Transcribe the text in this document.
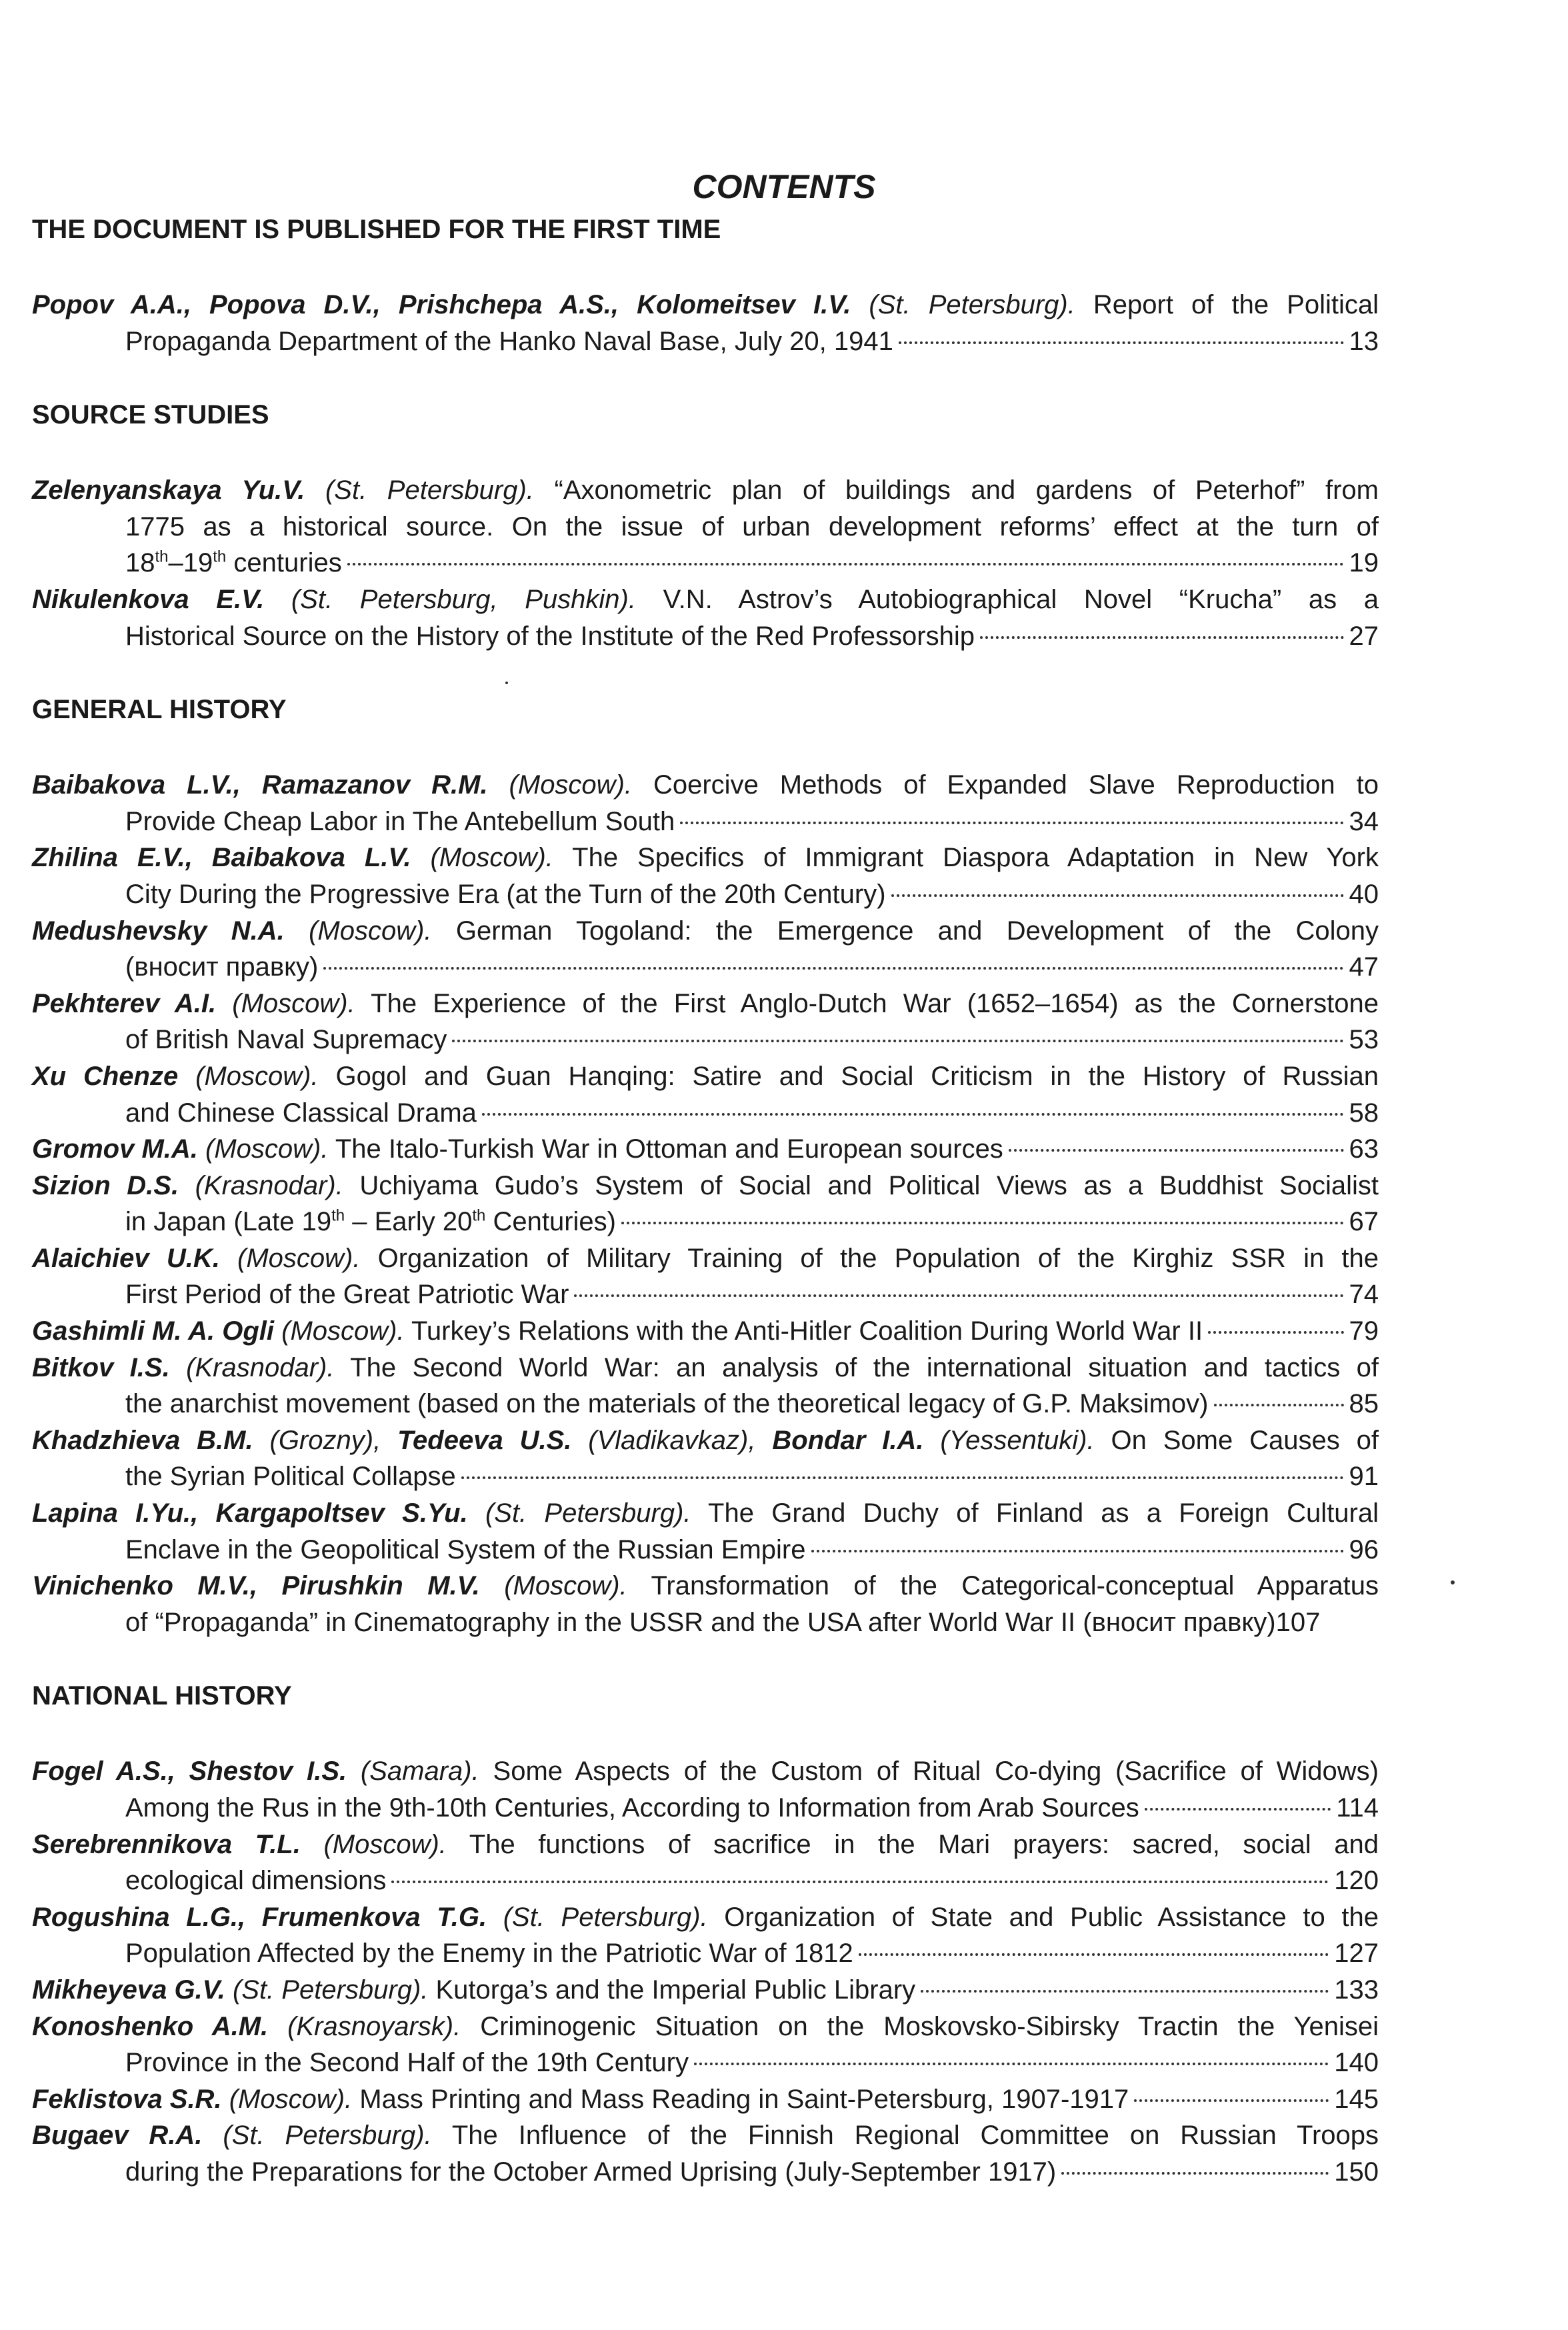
CONTENTS
THE DOCUMENT IS PUBLISHED FOR THE FIRST TIME

Popov A.A., Popova D.V., Prishchepa A.S., Kolomeitsev I.V. (St. Petersburg). Report of the Political

Propaganda Department of the Hanko Naval Base, July 20, 1941	13

SOURCE STUDIES

Zelenyanskaya Yu.V. (St. Petersburg). “Axonometric plan of buildings and gardens of Peterhof” from

1775 as a historical source. On the issue of urban development reforms’ effect at the turn of

18th–19th centuries	19

Nikulenkova E.V. (St. Petersburg, Pushkin). V.N. Astrov’s Autobiographical Novel “Krucha” as a

Historical Source on the History of the Institute of the Red Professorship	27

GENERAL HISTORY

Baibakova L.V., Ramazanov R.M. (Moscow). Coercive Methods of Expanded Slave Reproduction to

Provide Cheap Labor in The Antebellum South	34

Zhilina E.V., Baibakova L.V. (Moscow). The Specifics of Immigrant Diaspora Adaptation in New York

City During the Progressive Era (at the Turn of the 20th Century)	40

Medushevsky N.A. (Moscow). German Togoland: the Emergence and Development of the Colony

(вносит правку)	47

Pekhterev A.I. (Moscow). The Experience of the First Anglo-Dutch War (1652–1654) as the Cornerstone

of British Naval Supremacy	53

Xu Chenze (Moscow). Gogol and Guan Hanqing: Satire and Social Criticism in the History of Russian

and Chinese Classical Drama	58

Gromov M.A. (Moscow). The Italo-Turkish War in Ottoman and European sources	63

Sizion D.S. (Krasnodar). Uchiyama Gudo’s System of Social and Political Views as a Buddhist Socialist

in Japan (Late 19th – Early 20th Centuries)	67

Alaichiev U.K. (Moscow). Organization of Military Training of the Population of the Kirghiz SSR in the

First Period of the Great Patriotic War	74

Gashimli M. A. Ogli (Moscow). Turkey’s Relations with the Anti-Hitler Coalition During World War II	79

Bitkov I.S. (Krasnodar). The Second World War: an analysis of the international situation and tactics of

the anarchist movement (based on the materials of the theoretical legacy of G.P. Maksimov)	85

Khadzhieva B.M. (Grozny), Tedeeva U.S. (Vladikavkaz), Bondar I.A. (Yessentuki). On Some Causes of

the Syrian Political Collapse	91

Lapina I.Yu., Kargapoltsev S.Yu. (St. Petersburg). The Grand Duchy of Finland as a Foreign Cultural

Enclave in the Geopolitical System of the Russian Empire	96

Vinichenko M.V., Pirushkin M.V. (Moscow). Transformation of the Categorical-conceptual Apparatus

of “Propaganda” in Cinematography in the USSR and the USA after World War II (вносит правку) 107

NATIONAL HISTORY

Fogel A.S., Shestov I.S. (Samara). Some Aspects of the Custom of Ritual Co-dying (Sacrifice of Widows)

Among the Rus in the 9th-10th Centuries, According to Information from Arab Sources	114

Serebrennikova T.L. (Moscow). The functions of sacrifice in the Mari prayers: sacred, social and

ecological dimensions	120

Rogushina L.G., Frumenkova T.G. (St. Petersburg). Organization of State and Public Assistance to the

Population Affected by the Enemy in the Patriotic War of 1812	127

Mikheyeva G.V. (St. Petersburg). Kutorga’s and the Imperial Public Library	133

Konoshenko A.M. (Krasnoyarsk). Criminogenic Situation on the Moskovsko-Sibirsky Tractin the Yenisei

Province in the Second Half of the 19th Century	140

Feklistova S.R. (Moscow). Mass Printing and Mass Reading in Saint-Petersburg, 1907-1917	145

Bugaev R.A. (St. Petersburg). The Influence of the Finnish Regional Committee on Russian Troops

during the Preparations for the October Armed Uprising (July-September 1917)	150
